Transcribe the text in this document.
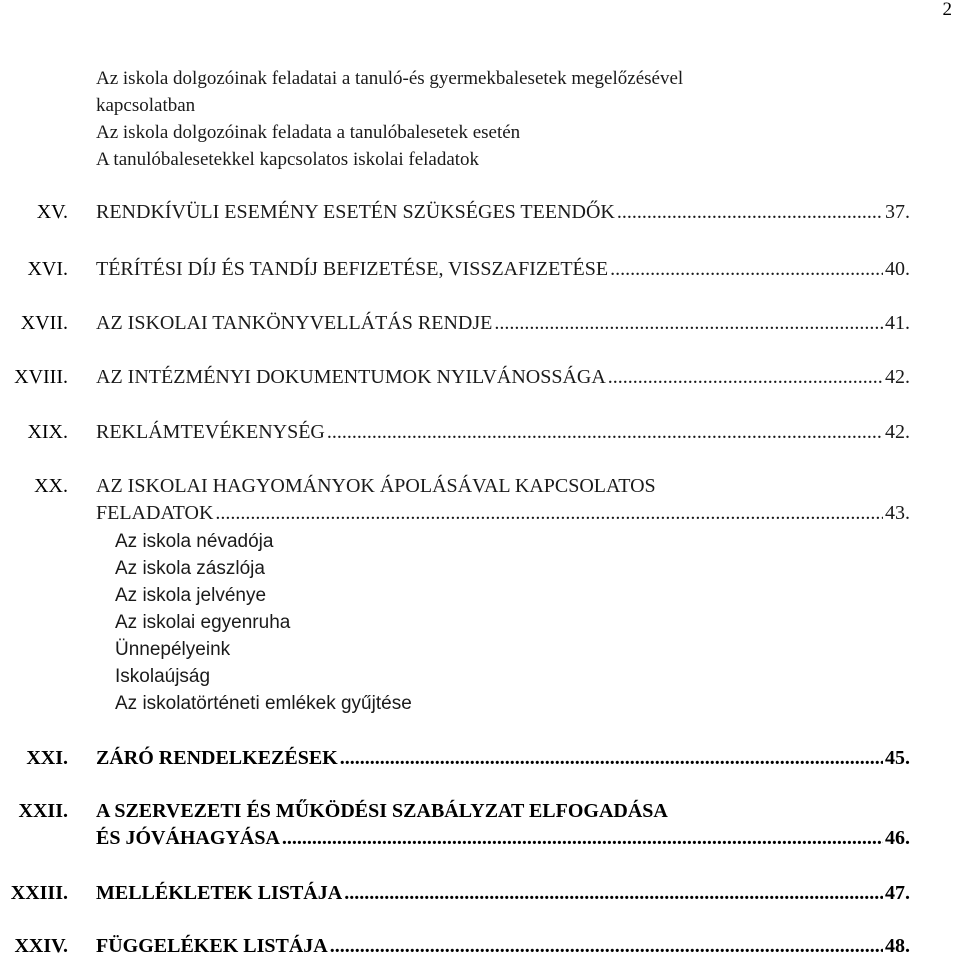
2
Az iskola dolgozóinak feladatai a tanuló-és gyermekbalesetek megelőzésével
kapcsolatban
Az iskola dolgozóinak feladata a tanulóbalesetek esetén
A tanulóbalesetekkel kapcsolatos iskolai feladatok
XV. RENDKÍVÜLI ESEMÉNY ESETÉN SZÜKSÉGES TEENDŐK .....	37.
XVI. TÉRÍTÉSI DÍJ ÉS TANDÍJ BEFIZETÉSE, VISSZAFIZETÉSE .....	40.
XVII. AZ ISKOLAI TANKÖNYVELLÁTÁS RENDJE .....	41.
XVIII. AZ INTÉZMÉNYI DOKUMENTUMOK NYILVÁNOSSÁGA .....	42.
XIX. REKLÁMTEVÉKENYSÉG .....	42.
XX. AZ ISKOLAI HAGYOMÁNYOK ÁPOLÁSÁVAL KAPCSOLATOS
FELADATOK .....	43.
Az iskola névadója
Az iskola zászlója
Az iskola jelvénye
Az iskolai egyenruha
Ünnepélyeink
Iskolaújság
Az iskolatörténeti emlékek gyűjtése
XXI. ZÁRÓ RENDELKEZÉSEK .....	45.
XXII. A SZERVEZETI ÉS MŰKÖDÉSI SZABÁLYZAT ELFOGADÁSA
ÉS JÓVÁHAGYÁSA .....	46.
XXIII. MELLÉKLETEK LISTÁJA .....	47.
XXIV. FÜGGELÉKEK LISTÁJA .....	48.
